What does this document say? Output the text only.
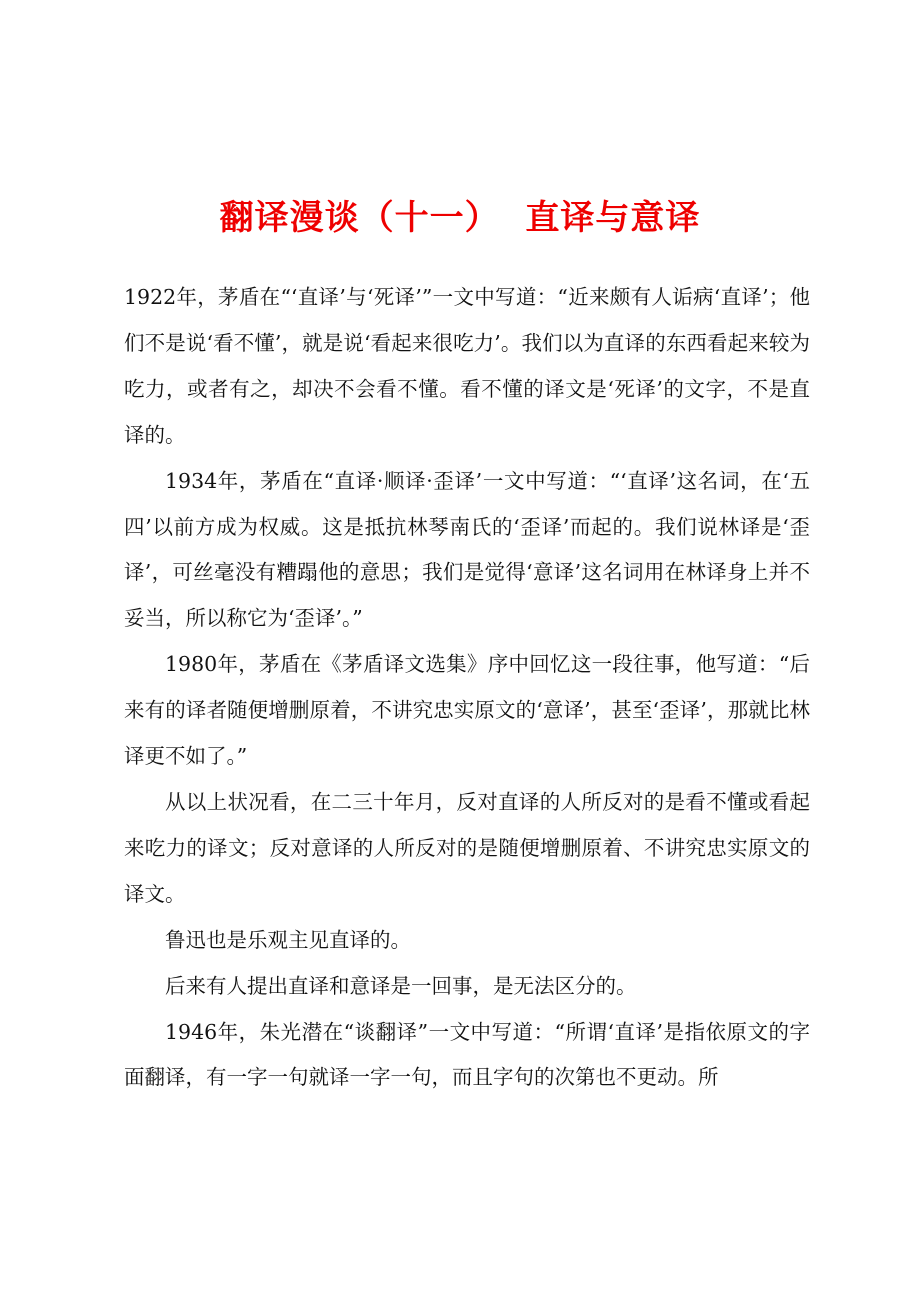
翻译漫谈（十一）  直译与意译

1922年，茅盾在“‘直译’与‘死译’”一文中写道：“近来颇有人诟病‘直译’；他们不是说‘看不懂’，就是说‘看起来很吃力’。我们以为直译的东西看起来较为吃力，或者有之，却决不会看不懂。看不懂的译文是‘死译’的文字，不是直译的。

1934年，茅盾在“直译·顺译·歪译’一文中写道：“‘直译’这名词，在‘五四’以前方成为权威。这是抵抗林琴南氏的‘歪译’而起的。我们说林译是‘歪译’，可丝毫没有糟蹋他的意思；我们是觉得‘意译’这名词用在林译身上并不妥当，所以称它为‘歪译’。”

1980年，茅盾在《茅盾译文选集》序中回忆这一段往事，他写道：“后来有的译者随便增删原着，不讲究忠实原文的‘意译’，甚至‘歪译’，那就比林译更不如了。”

从以上状况看，在二三十年月，反对直译的人所反对的是看不懂或看起来吃力的译文；反对意译的人所反对的是随便增删原着、不讲究忠实原文的译文。

鲁迅也是乐观主见直译的。

后来有人提出直译和意译是一回事，是无法区分的。

1946年，朱光潜在“谈翻译”一文中写道：“所谓‘直译’是指依原文的字面翻译，有一字一句就译一字一句，而且字句的次第也不更动。所
